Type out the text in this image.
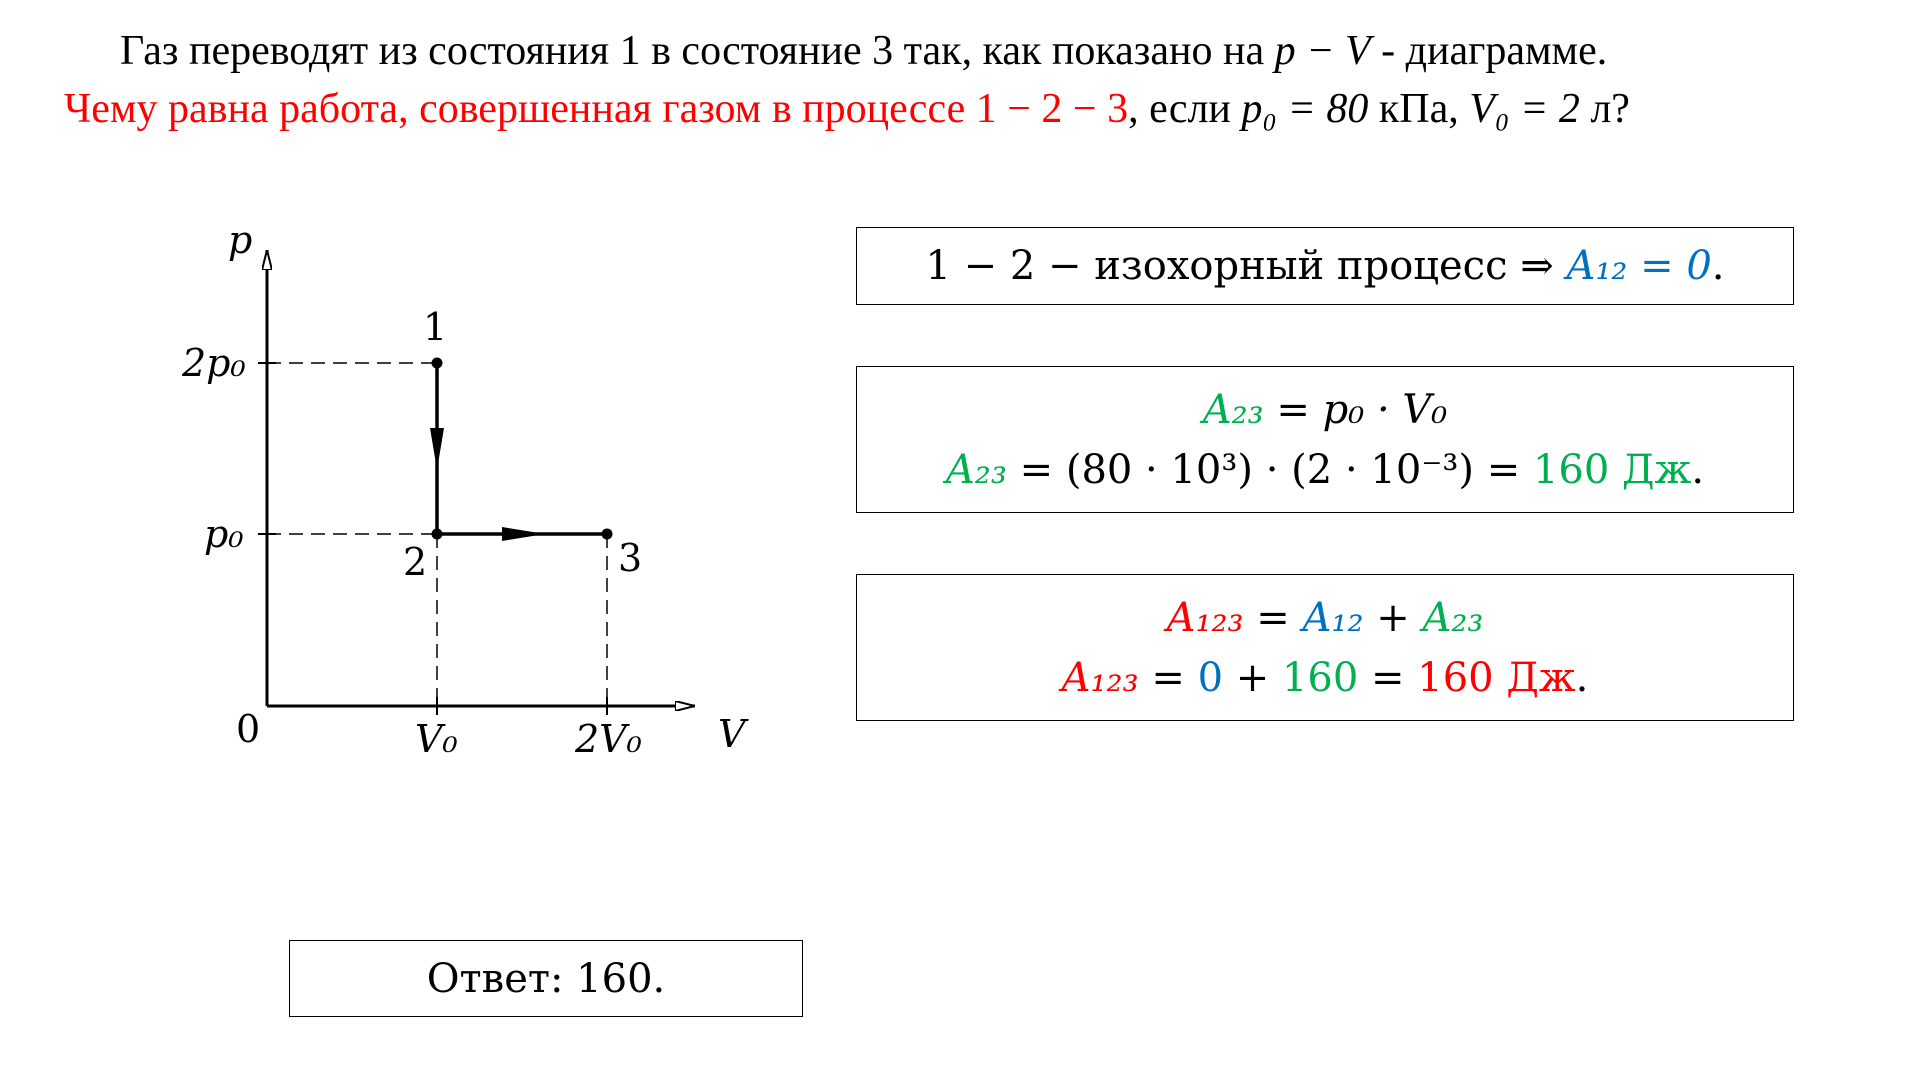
Газ переводят из состояния 1 в состояние 3 так, как показано на p − V - диаграмме.

Чему равна работа, совершенная газом в процессе 1 − 2 − 3, если p₀ = 80 кПа, V₀ = 2 л?

p
V
0
2p₀
p₀
V₀	2V₀
1
2	3
1 − 2 − изохорный процесс ⇒ A₁₂ = 0.
A₂₃ = p₀ · V₀
A₂₃ = (80 · 10³) · (2 · 10⁻³) = 160 Дж.
A₁₂₃ = A₁₂ + A₂₃
A₁₂₃ = 0 + 160 = 160 Дж.
Ответ: 160.
